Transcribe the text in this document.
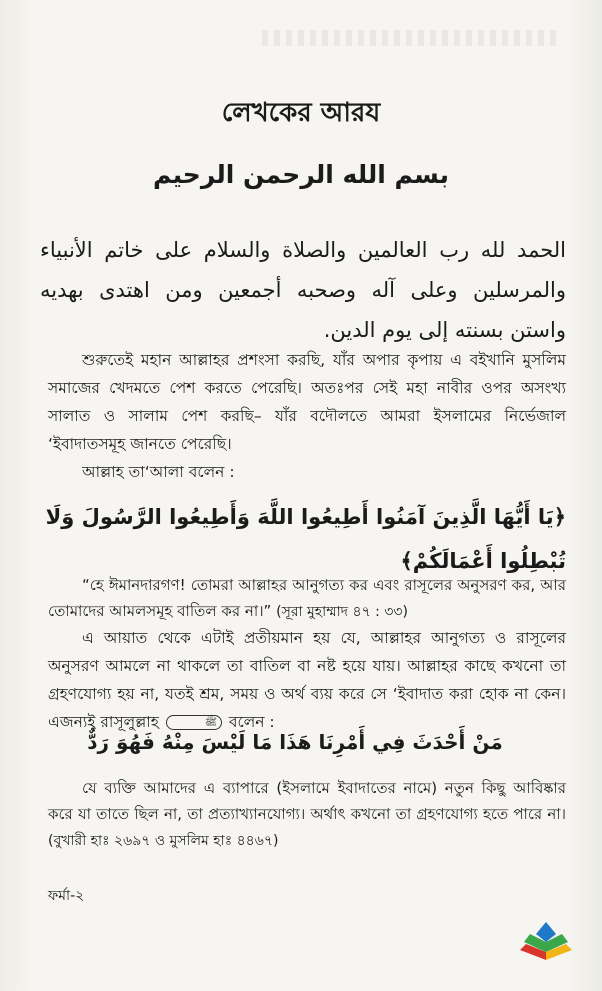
লেখকের আরয
بسم الله الرحمن الرحيم
الحمد لله رب العالمين والصلاة والسلام على خاتم الأنبياء والمرسلين وعلى آله وصحبه أجمعين ومن اهتدى بهديه واستن بسنته إلى يوم الدين.
শুরুতেই মহান আল্লাহর প্রশংসা করছি, যাঁর অপার কৃপায় এ বইখানি মুসলিম সমাজের খেদমতে পেশ করতে পেরেছি। অতঃপর সেই মহা নাবীর ওপর অসংখ্য সালাত ও সালাম পেশ করছি– যাঁর বদৌলতে আমরা ইসলামের নির্ভেজাল ‘ইবাদাতসমূহ জানতে পেরেছি।
আল্লাহ তা‘আলা বলেন :
﴿يَا أَيُّهَا الَّذِينَ آمَنُوا أَطِيعُوا اللَّهَ وَأَطِيعُوا الرَّسُولَ وَلَا تُبْطِلُوا أَعْمَالَكُمْ﴾
“হে ঈমানদারগণ! তোমরা আল্লাহর আনুগত্য কর এবং রাসূলের অনুসরণ কর, আর তোমাদের আমলসমূহ বাতিল কর না।” (সূরা মুহাম্মাদ ৪৭ : ৩৩)
এ আয়াত থেকে এটাই প্রতীয়মান হয় যে, আল্লাহর আনুগত্য ও রাসূলের অনুসরণ আমলে না থাকলে তা বাতিল বা নষ্ট হয়ে যায়। আল্লাহর কাছে কখনো তা গ্রহণযোগ্য হয় না, যতই শ্রম, সময় ও অর্থ ব্যয় করে সে ‘ইবাদাত করা হোক না কেন। এজন্যই রাসূলুল্লাহ	ﷺ বলেন :
مَنْ أَحْدَثَ فِي أَمْرِنَا هَذَا مَا لَيْسَ مِنْهُ فَهُوَ رَدٌّ
যে ব্যক্তি আমাদের এ ব্যাপারে (ইসলামে ইবাদাতের নামে) নতুন কিছু আবিষ্কার করে যা তাতে ছিল না, তা প্রত্যাখ্যানযোগ্য। অর্থাৎ কখনো তা গ্রহণযোগ্য হতে পারে না। (বুখারী হাঃ ২৬৯৭ ও মুসলিম হাঃ ৪৪৬৭)
ফর্মা-২
